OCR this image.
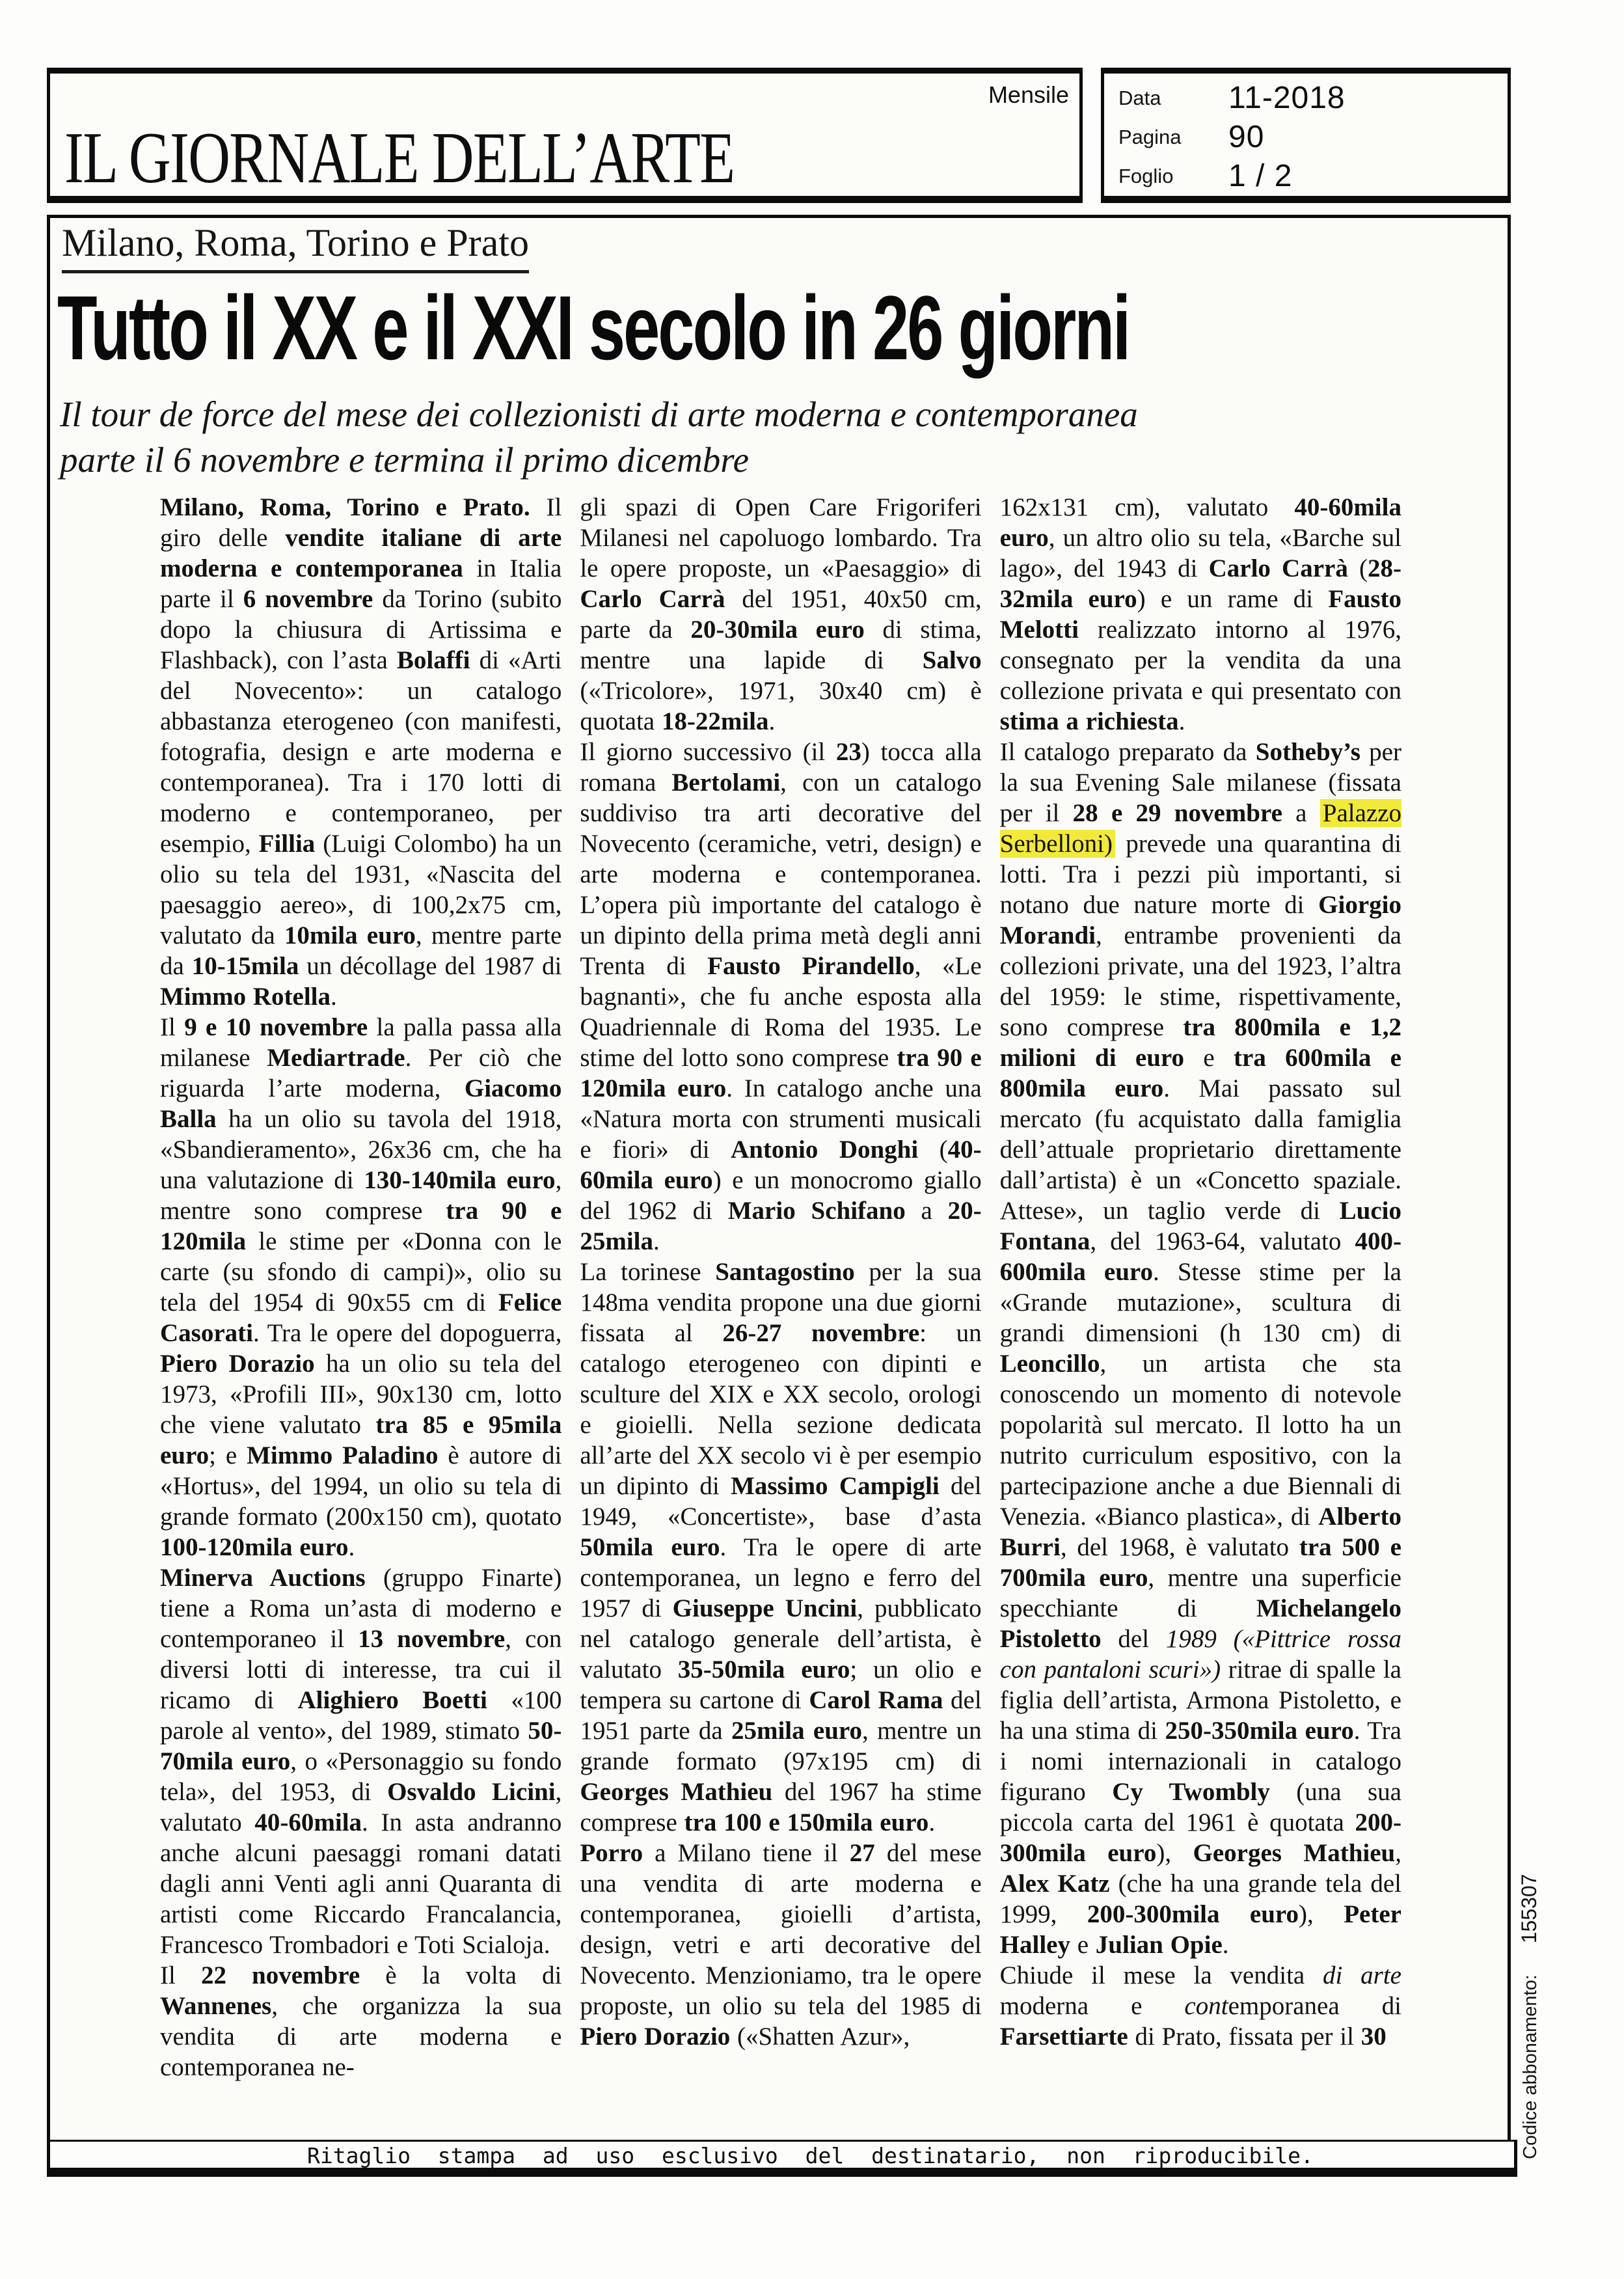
IL GIORNALE DELL’ARTE
Mensile Data 11-2018
Pagina 90
Foglio 1 / 2
Milano, Roma, Torino e Prato
Tutto il XX e il XXI secolo in 26 giorni
Il tour de force del mese dei collezionisti di arte moderna e contemporanea
parte il 6 novembre e termina il primo dicembre

Milano, Roma, Torino e Prato. Il giro delle vendite italiane di arte moderna e contemporanea in Italia parte il 6 novembre da Torino (subito dopo la chiusura di Artissima e Flashback), con l’asta Bolaffi di «Arti del Novecento»: un catalogo abbastanza eterogeneo (con manifesti, fotografia, design e arte moderna e contemporanea). Tra i 170 lotti di moderno e contemporaneo, per esempio, Fillia (Luigi Colombo) ha un olio su tela del 1931, «Nascita del paesaggio aereo», di 100,2x75 cm, valutato da 10mila euro, mentre parte da 10-15mila un décollage del 1987 di Mimmo Rotella.

Il 9 e 10 novembre la palla passa alla milanese Mediartrade. Per ciò che riguarda l’arte moderna, Giacomo Balla ha un olio su tavola del 1918, «Sbandieramento», 26x36 cm, che ha una valutazione di 130-140mila euro, mentre sono comprese tra 90 e 120mila le stime per «Donna con le carte (su sfondo di campi)», olio su tela del 1954 di 90x55 cm di Felice Casorati. Tra le opere del dopoguerra, Piero Dorazio ha un olio su tela del 1973, «Profili III», 90x130 cm, lotto che viene valutato tra 85 e 95mila euro; e Mimmo Paladino è autore di «Hortus», del 1994, un olio su tela di grande formato (200x150 cm), quotato 100-120mila euro.

Minerva Auctions (gruppo Finarte) tiene a Roma un’asta di moderno e contemporaneo il 13 novembre, con diversi lotti di interesse, tra cui il ricamo di Alighiero Boetti «100 parole al vento», del 1989, stimato 50-70mila euro, o «Personaggio su fondo tela», del 1953, di Osvaldo Licini, valutato 40-60mila. In asta andranno anche alcuni paesaggi romani datati dagli anni Venti agli anni Quaranta di artisti come Riccardo Francalancia, Francesco Trombadori e Toti Scialoja.

Il 22 novembre è la volta di Wannenes, che organizza la sua vendita di arte moderna e contemporanea ne-

gli spazi di Open Care Frigoriferi Milanesi nel capoluogo lombardo. Tra le opere proposte, un «Paesaggio» di Carlo Carrà del 1951, 40x50 cm, parte da 20-30mila euro di stima, mentre una lapide di Salvo («Tricolore», 1971, 30x40 cm) è quotata 18-22mila.

Il giorno successivo (il 23) tocca alla romana Bertolami, con un catalogo suddiviso tra arti decorative del Novecento (ceramiche, vetri, design) e arte moderna e contemporanea. L’opera più importante del catalogo è un dipinto della prima metà degli anni Trenta di Fausto Pirandello, «Le bagnanti», che fu anche esposta alla Quadriennale di Roma del 1935. Le stime del lotto sono comprese tra 90 e 120mila euro. In catalogo anche una «Natura morta con strumenti musicali e fiori» di Antonio Donghi (40-60mila euro) e un monocromo giallo del 1962 di Mario Schifano a 20-25mila.

La torinese Santagostino per la sua 148ma vendita propone una due giorni fissata al 26-27 novembre: un catalogo eterogeneo con dipinti e sculture del XIX e XX secolo, orologi e gioielli. Nella sezione dedicata all’arte del XX secolo vi è per esempio un dipinto di Massimo Campigli del 1949, «Concertiste», base d’asta 50mila euro. Tra le opere di arte contemporanea, un legno e ferro del 1957 di Giuseppe Uncini, pubblicato nel catalogo generale dell’artista, è valutato 35-50mila euro; un olio e tempera su cartone di Carol Rama del 1951 parte da 25mila euro, mentre un grande formato (97x195 cm) di Georges Mathieu del 1967 ha stime comprese tra 100 e 150mila euro.

Porro a Milano tiene il 27 del mese una vendita di arte moderna e contemporanea, gioielli d’artista, design, vetri e arti decorative del Novecento. Menzioniamo, tra le opere proposte, un olio su tela del 1985 di Piero Dorazio («Shatten Azur»,

162x131 cm), valutato 40-60mila euro, un altro olio su tela, «Barche sul lago», del 1943 di Carlo Carrà (28-32mila euro) e un rame di Fausto Melotti realizzato intorno al 1976, consegnato per la vendita da una collezione privata e qui presentato con stima a richiesta.

Il catalogo preparato da Sotheby’s per la sua Evening Sale milanese (fissata per il 28 e 29 novembre a Palazzo Serbelloni) prevede una quarantina di lotti. Tra i pezzi più importanti, si notano due nature morte di Giorgio Morandi, entrambe provenienti da collezioni private, una del 1923, l’altra del 1959: le stime, rispettivamente, sono comprese tra 800mila e 1,2 milioni di euro e tra 600mila e 800mila euro. Mai passato sul mercato (fu acquistato dalla famiglia dell’attuale proprietario direttamente dall’artista) è un «Concetto spaziale. Attese», un taglio verde di Lucio Fontana, del 1963-64, valutato 400-600mila euro. Stesse stime per la «Grande mutazione», scultura di grandi dimensioni (h 130 cm) di Leoncillo, un artista che sta conoscendo un momento di notevole popolarità sul mercato. Il lotto ha un nutrito curriculum espositivo, con la partecipazione anche a due Biennali di Venezia. «Bianco plastica», di Alberto Burri, del 1968, è valutato tra 500 e 700mila euro, mentre una superficie specchiante di Michelangelo Pistoletto del 1989 («Pittrice rossa con pantaloni scuri») ritrae di spalle la figlia dell’artista, Armona Pistoletto, e ha una stima di 250-350mila euro. Tra i nomi internazionali in catalogo figurano Cy Twombly (una sua piccola carta del 1961 è quotata 200-300mila euro), Georges Mathieu, Alex Katz (che ha una grande tela del 1999, 200-300mila euro), Peter Halley e Julian Opie.

Chiude il mese la vendita di arte moderna e contemporanea di Farsettiarte di Prato, fissata per il 30

Ritaglio stampa ad uso esclusivo del destinatario, non riproducibile.	Codice abbonamento:155307
